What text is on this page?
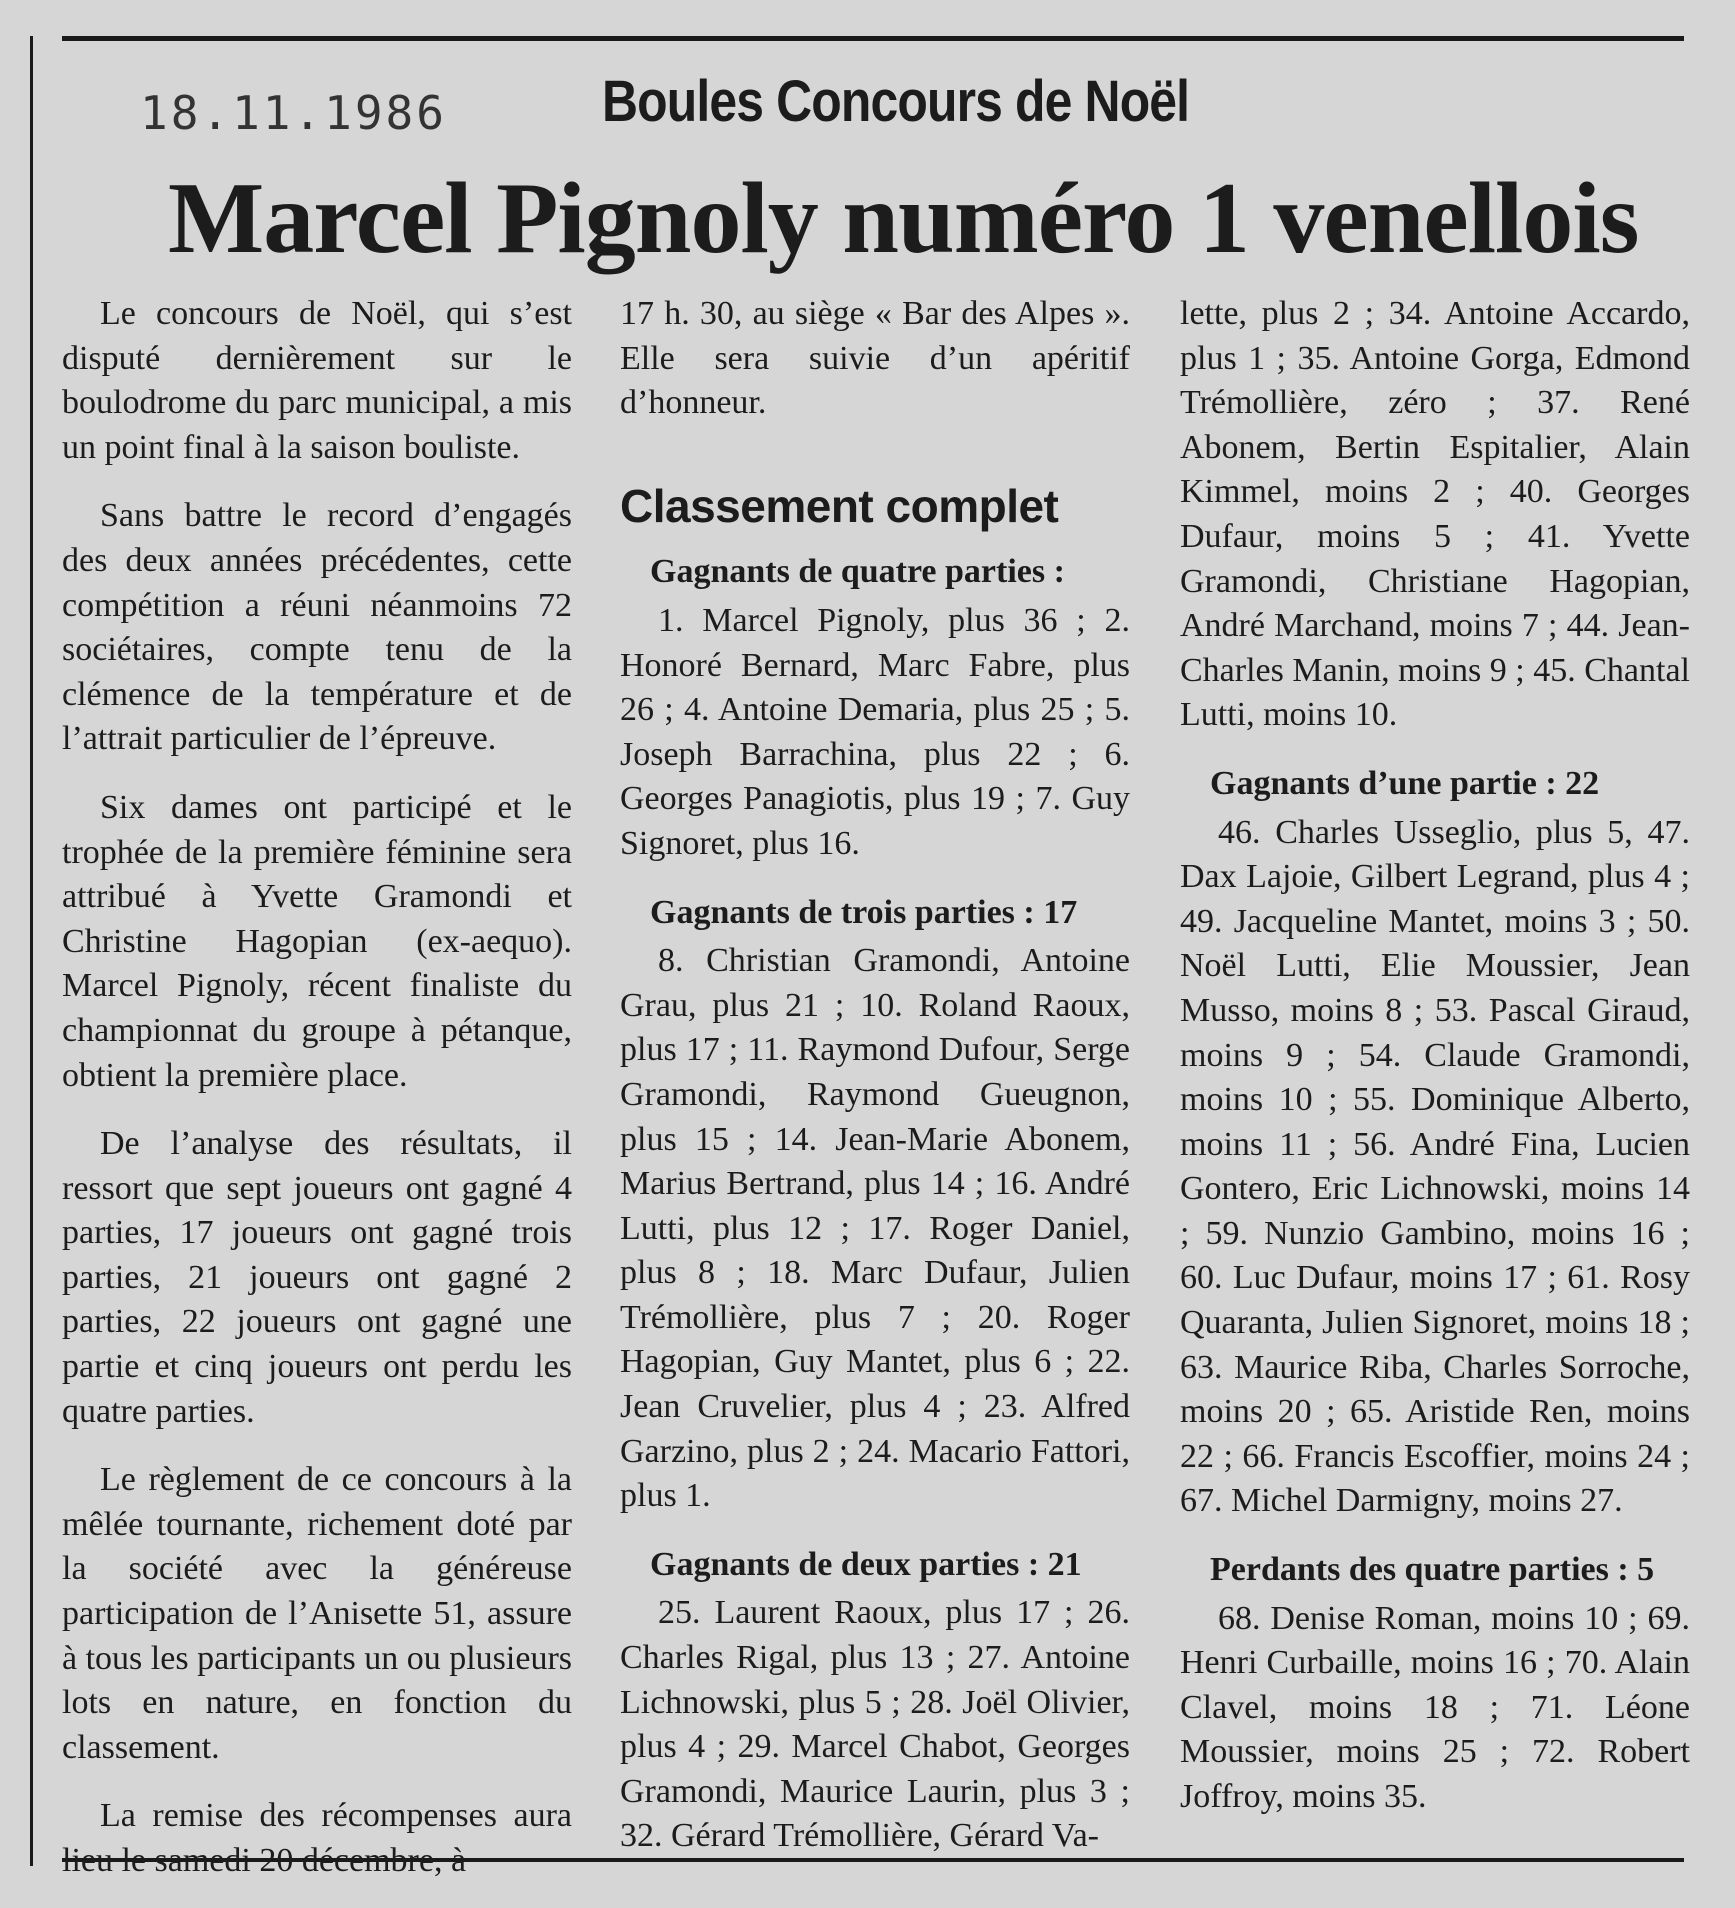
18.11.1986	Boules Concours de Noël
Marcel Pignoly numéro 1 venellois

Le concours de Noël, qui s’est disputé dernièrement sur le boulodrome du parc municipal, a mis un point final à la saison bouliste.

Sans battre le record d’engagés des deux années précédentes, cette compétition a réuni néanmoins 72 sociétaires, compte tenu de la clémence de la température et de l’attrait particulier de l’épreuve.

Six dames ont participé et le trophée de la première féminine sera attribué à Yvette Gramondi et Christine Hagopian (ex-aequo). Marcel Pignoly, récent finaliste du championnat du groupe à pétanque, obtient la première place.

De l’analyse des résultats, il ressort que sept joueurs ont gagné 4 parties, 17 joueurs ont gagné trois parties, 21 joueurs ont gagné 2 parties, 22 joueurs ont gagné une partie et cinq joueurs ont perdu les quatre parties.

Le règlement de ce concours à la mêlée tournante, richement doté par la société avec la généreuse participation de l’Anisette 51, assure à tous les participants un ou plusieurs lots en nature, en fonction du classement.

La remise des récompenses aura lieu le samedi 20 décembre, à

17 h. 30, au siège « Bar des Alpes ». Elle sera suivie d’un apéritif d’honneur.

Classement complet
Gagnants de quatre parties :

1. Marcel Pignoly, plus 36 ; 2. Honoré Bernard, Marc Fabre, plus 26 ; 4. Antoine Demaria, plus 25 ; 5. Joseph Barrachina, plus 22 ; 6. Georges Panagiotis, plus 19 ; 7. Guy Signoret, plus 16.

Gagnants de trois parties : 17

8. Christian Gramondi, Antoine Grau, plus 21 ; 10. Roland Raoux, plus 17 ; 11. Raymond Dufour, Serge Gramondi, Raymond Gueugnon, plus 15 ; 14. Jean-Marie Abonem, Marius Bertrand, plus 14 ; 16. André Lutti, plus 12 ; 17. Roger Daniel, plus 8 ; 18. Marc Dufaur, Julien Trémollière, plus 7 ; 20. Roger Hagopian, Guy Mantet, plus 6 ; 22. Jean Cruvelier, plus 4 ; 23. Alfred Garzino, plus 2 ; 24. Macario Fattori, plus 1.

Gagnants de deux parties : 21

25. Laurent Raoux, plus 17 ; 26. Charles Rigal, plus 13 ; 27. Antoine Lichnowski, plus 5 ; 28. Joël Olivier, plus 4 ; 29. Marcel Chabot, Georges Gramondi, Maurice Laurin, plus 3 ; 32. Gérard Trémollière, Gérard Va-

lette, plus 2 ; 34. Antoine Accardo, plus 1 ; 35. Antoine Gorga, Edmond Trémollière, zéro ; 37. René Abonem, Bertin Espitalier, Alain Kimmel, moins 2 ; 40. Georges Dufaur, moins 5 ; 41. Yvette Gramondi, Christiane Hagopian, André Marchand, moins 7 ; 44. Jean-Charles Manin, moins 9 ; 45. Chantal Lutti, moins 10.

Gagnants d’une partie : 22

46. Charles Usseglio, plus 5, 47. Dax Lajoie, Gilbert Legrand, plus 4 ; 49. Jacqueline Mantet, moins 3 ; 50. Noël Lutti, Elie Moussier, Jean Musso, moins 8 ; 53. Pascal Giraud, moins 9 ; 54. Claude Gramondi, moins 10 ; 55. Dominique Alberto, moins 11 ; 56. André Fina, Lucien Gontero, Eric Lichnowski, moins 14 ; 59. Nunzio Gambino, moins 16 ; 60. Luc Dufaur, moins 17 ; 61. Rosy Quaranta, Julien Signoret, moins 18 ; 63. Maurice Riba, Charles Sorroche, moins 20 ; 65. Aristide Ren, moins 22 ; 66. Francis Escoffier, moins 24 ; 67. Michel Darmigny, moins 27.

Perdants des quatre parties : 5

68. Denise Roman, moins 10 ; 69. Henri Curbaille, moins 16 ; 70. Alain Clavel, moins 18 ; 71. Léone Moussier, moins 25 ; 72. Robert Joffroy, moins 35.
